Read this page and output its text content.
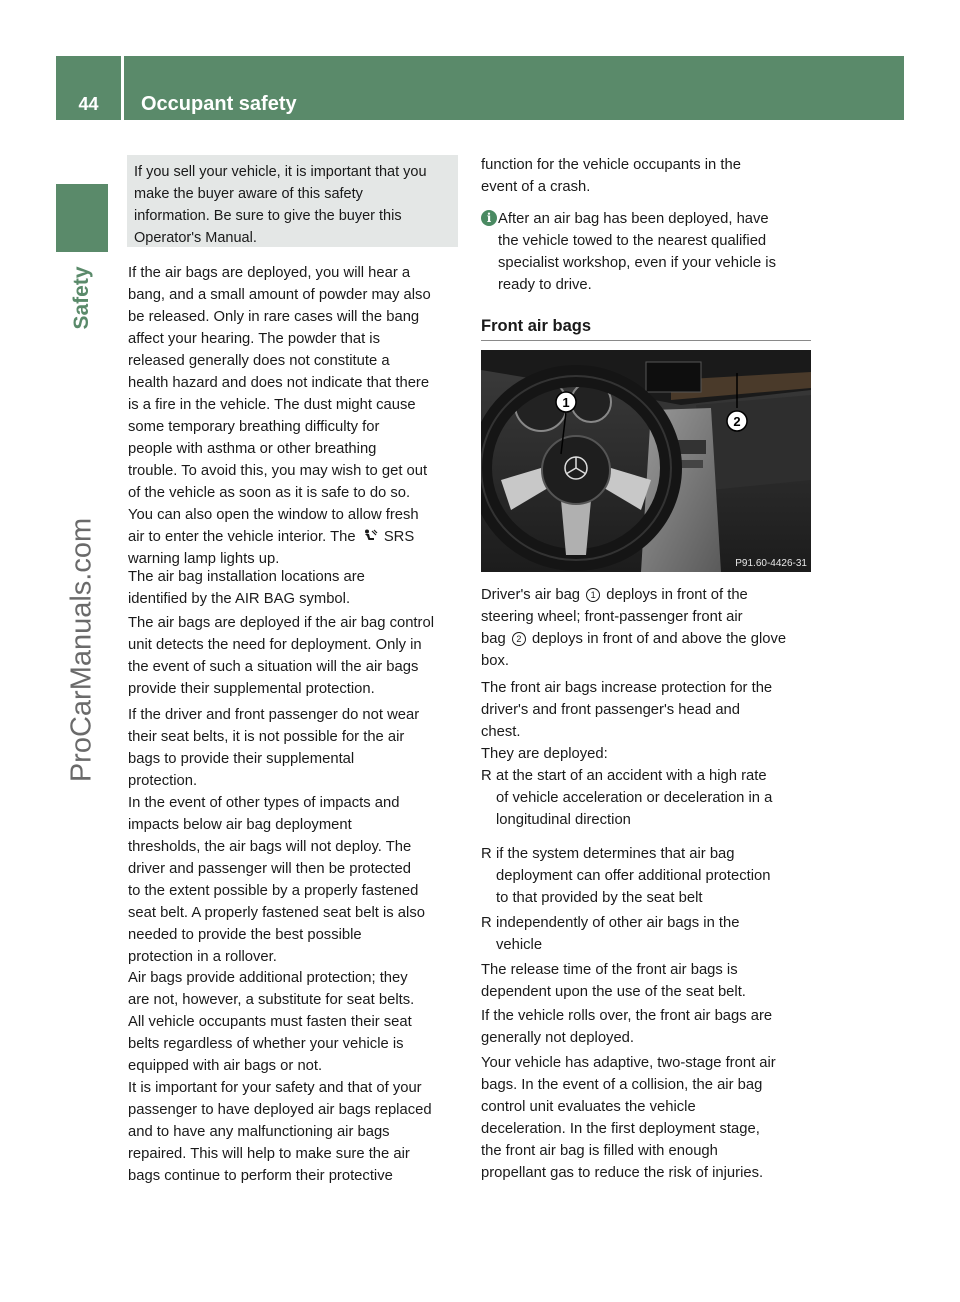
44	Occupant safety
Safety
ProCarManuals.com

If you sell your vehicle, it is important that you
make the buyer aware of this safety
information. Be sure to give the buyer this
Operator's Manual.

If the air bags are deployed, you will hear a
bang, and a small amount of powder may also
be released. Only in rare cases will the bang
affect your hearing. The powder that is
released generally does not constitute a
health hazard and does not indicate that there
is a fire in the vehicle. The dust might cause
some temporary breathing difficulty for
people with asthma or other breathing
trouble. To avoid this, you may wish to get out
of the vehicle as soon as it is safe to do so.
You can also open the window to allow fresh
air to enter the vehicle interior. The SRS
warning lamp lights up.
The air bag installation locations are
identified by the AIR BAG symbol.
The air bags are deployed if the air bag control
unit detects the need for deployment. Only in
the event of such a situation will the air bags
provide their supplemental protection.
If the driver and front passenger do not wear
their seat belts, it is not possible for the air
bags to provide their supplemental
protection.
In the event of other types of impacts and
impacts below air bag deployment
thresholds, the air bags will not deploy. The
driver and passenger will then be protected
to the extent possible by a properly fastened
seat belt. A properly fastened seat belt is also
needed to provide the best possible
protection in a rollover.
Air bags provide additional protection; they
are not, however, a substitute for seat belts.
All vehicle occupants must fasten their seat
belts regardless of whether your vehicle is
equipped with air bags or not.
It is important for your safety and that of your
passenger to have deployed air bags replaced
and to have any malfunctioning air bags
repaired. This will help to make sure the air
bags continue to perform their protective
function for the vehicle occupants in the
event of a crash.
i After an air bag has been deployed, have
the vehicle towed to the nearest qualified
specialist workshop, even if your vehicle is
ready to drive.
Front air bags
1
2
P91.60-4426-31
Driver's air bag 1 deploys in front of the
steering wheel; front-passenger front air
bag 2 deploys in front of and above the glove
box.
The front air bags increase protection for the
driver's and front passenger's head and
chest.
They are deployed:
R at the start of an accident with a high rate
of vehicle acceleration or deceleration in a
longitudinal direction
R if the system determines that air bag
deployment can offer additional protection
to that provided by the seat belt
R independently of other air bags in the
vehicle
The release time of the front air bags is
dependent upon the use of the seat belt.
If the vehicle rolls over, the front air bags are
generally not deployed.
Your vehicle has adaptive, two-stage front air
bags. In the event of a collision, the air bag
control unit evaluates the vehicle
deceleration. In the first deployment stage,
the front air bag is filled with enough
propellant gas to reduce the risk of injuries.
